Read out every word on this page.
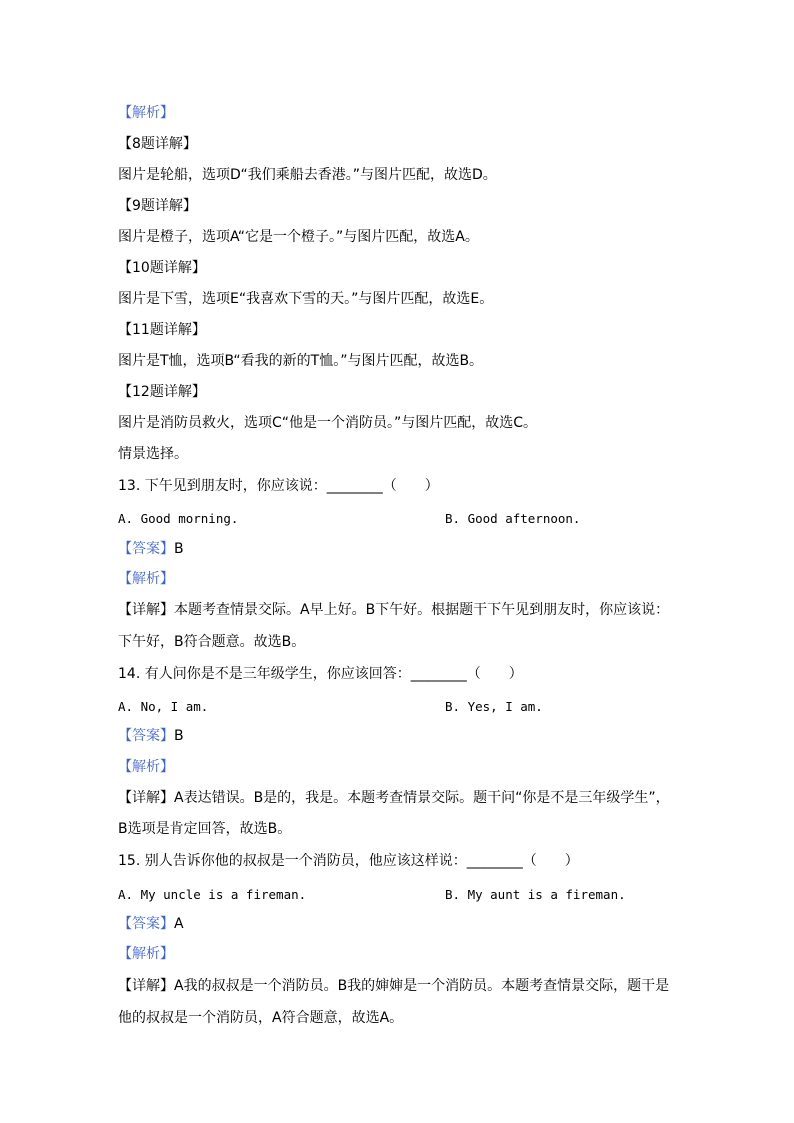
【解析】
【8题详解】
图片是轮船，选项D“我们乘船去香港。”与图片匹配，故选D。
【9题详解】
图片是橙子，选项A“它是一个橙子。”与图片匹配，故选A。
【10题详解】
图片是下雪，选项E“我喜欢下雪的天。”与图片匹配，故选E。
【11题详解】
图片是T恤，选项B“看我的新的T恤。”与图片匹配，故选B。
【12题详解】
图片是消防员救火，选项C“他是一个消防员。”与图片匹配，故选C。
情景选择。
13. 下午见到朋友时，你应该说：________（　　）
A. Good morning.	B. Good afternoon.
【答案】B
【解析】
【详解】本题考查情景交际。A早上好。B下午好。根据题干下午见到朋友时，你应该说：
下午好，B符合题意。故选B。
14. 有人问你是不是三年级学生，你应该回答：________（　　）
A. No, I am.	B. Yes, I am.
【答案】B
【解析】
【详解】A表达错误。B是的，我是。本题考查情景交际。题干问“你是不是三年级学生”，
B选项是肯定回答，故选B。
15. 别人告诉你他的叔叔是一个消防员，他应该这样说：________（　　）
A. My uncle is a fireman.	B. My aunt is a fireman.
【答案】A
【解析】
【详解】A我的叔叔是一个消防员。B我的婶婶是一个消防员。本题考查情景交际，题干是
他的叔叔是一个消防员，A符合题意，故选A。
